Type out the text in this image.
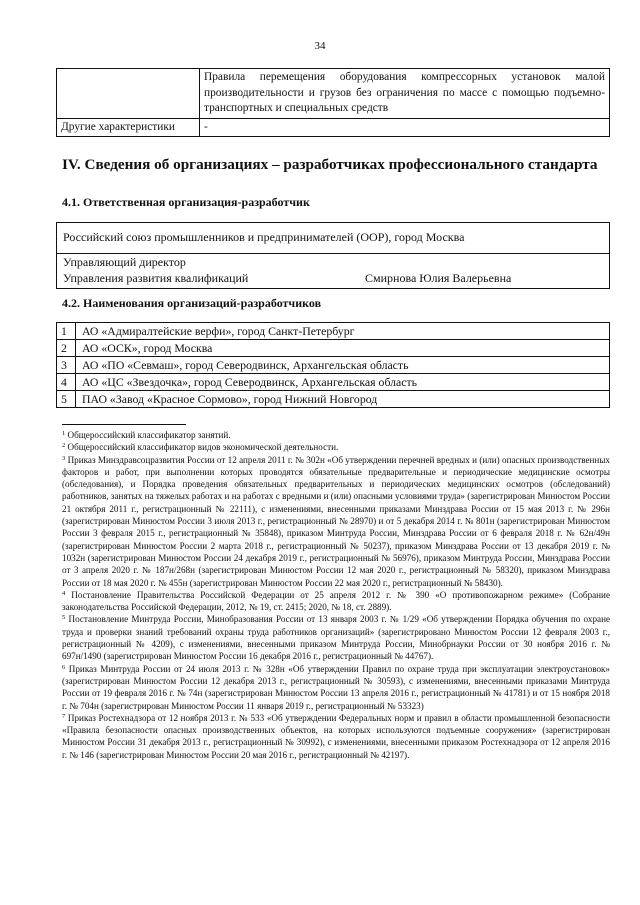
34
	Правила перемещения оборудования компрессорных установок малой производительности и грузов без ограничения по массе с помощью подъемно-транспортных и специальных средств
Другие характеристики	-
IV. Сведения об организациях – разработчиках профессионального стандарта
4.1. Ответственная организация-разработчик
Российский союз промышленников и предпринимателей (ООР), город Москва
Управляющий директор
Управления развития квалификаций	Смирнова Юлия Валерьевна
4.2. Наименования организаций-разработчиков
1	АО «Адмиралтейские верфи», город Санкт-Петербург
2	АО «ОСК», город Москва
3	АО «ПО «Севмаш», город Северодвинск, Архангельская область
4	АО «ЦС «Звездочка», город Северодвинск, Архангельская область
5	ПАО «Завод «Красное Сормово», город Нижний Новгород

$^1$ Общероссийский классификатор занятий.

$^2$ Общероссийский классификатор видов экономической деятельности.

$^3$ Приказ Минздравсоцразвития России от 12 апреля 2011 г. № 302н «Об утверждении перечней вредных и (или) опасных производственных факторов и работ, при выполнении которых проводятся обязательные предварительные и периодические медицинские осмотры (обследования), и Порядка проведения обязательных предварительных и периодических медицинских осмотров (обследований) работников, занятых на тяжелых работах и на работах с вредными и (или) опасными условиями труда» (зарегистрирован Минюстом России 21 октября 2011 г., регистрационный № 22111), с изменениями, внесенными приказами Минздрава России от 15 мая 2013 г. № 296н (зарегистрирован Минюстом России 3 июля 2013 г., регистрационный № 28970) и от 5 декабря 2014 г. № 801н (зарегистрирован Минюстом России 3 февраля 2015 г., регистрационный № 35848), приказом Минтруда России, Минздрава России от 6 февраля 2018 г. № 62н/49н (зарегистрирован Минюстом России 2 марта 2018 г., регистрационный № 50237), приказом Минздрава России от 13 декабря 2019 г. № 1032н (зарегистрирован Минюстом России 24 декабря 2019 г., регистрационный № 56976), приказом Минтруда России, Минздрава России от 3 апреля 2020 г. № 187н/268н (зарегистрирован Минюстом России 12 мая 2020 г., регистрационный № 58320), приказом Минздрава России от 18 мая 2020 г. № 455н (зарегистрирован Минюстом России 22 мая 2020 г., регистрационный № 58430).

$^4$ Постановление Правительства Российской Федерации от 25 апреля 2012 г. № 390 «О противопожарном режиме» (Собрание законодательства Российской Федерации, 2012, № 19, ст. 2415; 2020, № 18, ст. 2889).

$^5$ Постановление Минтруда России, Минобразования России от 13 января 2003 г. № 1/29 «Об утверждении Порядка обучения по охране труда и проверки знаний требований охраны труда работников организаций» (зарегистрировано Минюстом России 12 февраля 2003 г., регистрационный № 4209), с изменениями, внесенными приказом Минтруда России, Минобрнауки России от 30 ноября 2016 г. № 697н/1490 (зарегистрирован Минюстом России 16 декабря 2016 г., регистрационный № 44767).

$^6$ Приказ Минтруда России от 24 июля 2013 г. № 328н «Об утверждении Правил по охране труда при эксплуатации электроустановок» (зарегистрирован Минюстом России 12 декабря 2013 г., регистрационный № 30593), с изменениями, внесенными приказами Минтруда России от 19 февраля 2016 г. № 74н (зарегистрирован Минюстом России 13 апреля 2016 г., регистрационный № 41781) и от 15 ноября 2018 г. № 704н (зарегистрирован Минюстом России 11 января 2019 г., регистрационный № 53323)

$^7$ Приказ Ростехнадзора от 12 ноября 2013 г. № 533 «Об утверждении Федеральных норм и правил в области промышленной безопасности «Правила безопасности опасных производственных объектов, на которых используются подъемные сооружения» (зарегистрирован Минюстом России 31 декабря 2013 г., регистрационный № 30992), с изменениями, внесенными приказом Ростехнадзора от 12 апреля 2016 г. № 146 (зарегистрирован Минюстом России 20 мая 2016 г., регистрационный № 42197).
